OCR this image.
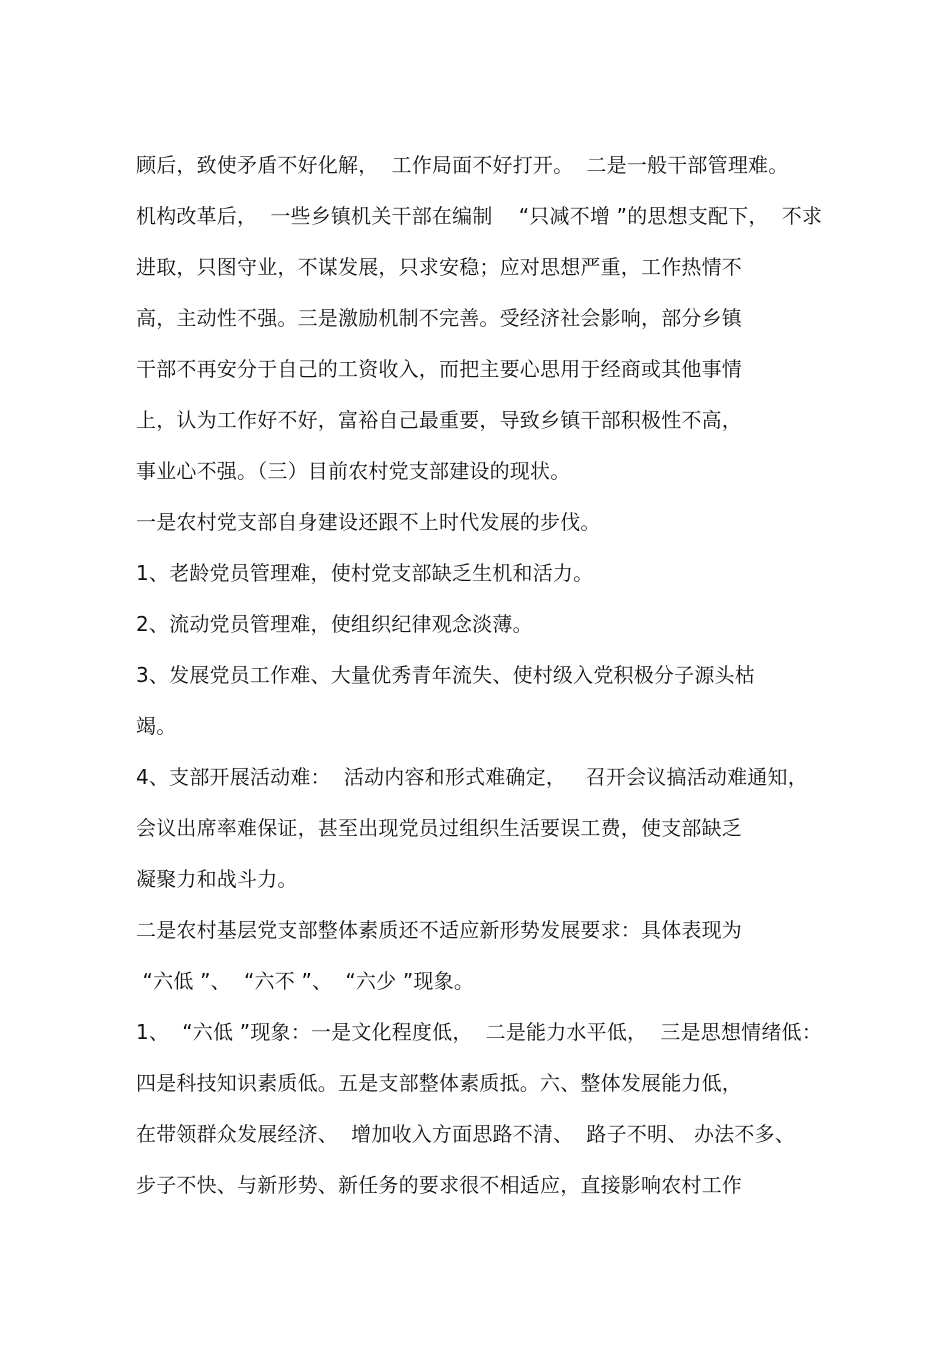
顾后，致使矛盾不好化解，  工作局面不好打开。  二是一般干部管理难。
机构改革后，  一些乡镇机关干部在编制    “只减不增 ”的思想支配下，  不求
进取，只图守业，不谋发展，只求安稳；应对思想严重，工作热情不
高，主动性不强。三是激励机制不完善。受经济社会影响，部分乡镇
干部不再安分于自己的工资收入，而把主要心思用于经商或其他事情
上，认为工作好不好，富裕自己最重要，导致乡镇干部积极性不高，
事业心不强。（三）目前农村党支部建设的现状。
一是农村党支部自身建设还跟不上时代发展的步伐。
1、老龄党员管理难，使村党支部缺乏生机和活力。
2、流动党员管理难，使组织纪律观念淡薄。
3、发展党员工作难、大量优秀青年流失、使村级入党积极分子源头枯
竭。
4、支部开展活动难：  活动内容和形式难确定，   召开会议搞活动难通知，
会议出席率难保证，甚至出现党员过组织生活要误工费，使支部缺乏
凝聚力和战斗力。
二是农村基层党支部整体素质还不适应新形势发展要求：具体表现为
“六低 ”、  “六不 ”、  “六少 ”现象。
1、  “六低 ”现象：一是文化程度低，  二是能力水平低，  三是思想情绪低：
四是科技知识素质低。五是支部整体素质抵。六、整体发展能力低，
在带领群众发展经济、  增加收入方面思路不清、  路子不明、 办法不多、
步子不快、与新形势、新任务的要求很不相适应，直接影响农村工作
